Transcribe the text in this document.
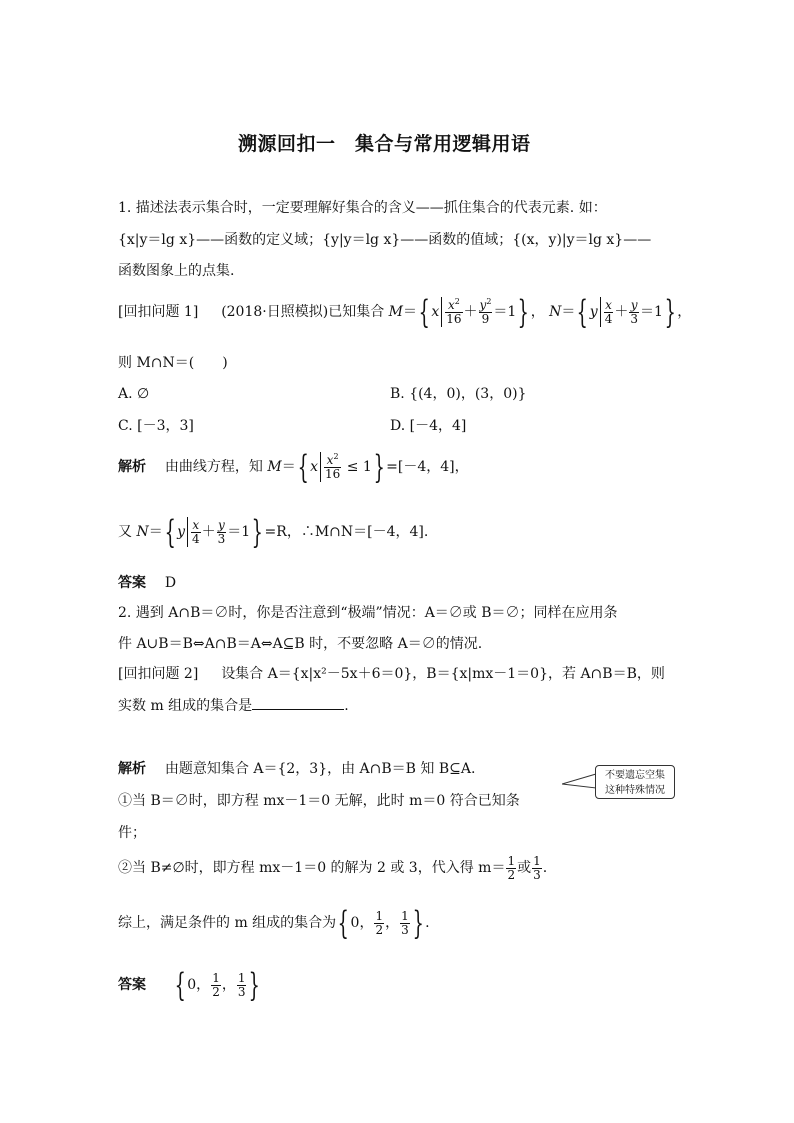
溯源回扣一　集合与常用逻辑用语
1. 描述法表示集合时，一定要理解好集合的含义——抓住集合的代表元素. 如：
{x|y＝lg x}——函数的定义域；{y|y＝lg x}——函数的值域；{(x，y)|y＝lg x}——
函数图象上的点集.
[回扣问题 1] (2018·日照模拟)已知集合 M＝{ x $\frac{x^2}{16} + \frac{y^2}{9} =1$} ， N＝{ y $\frac{x}{4} + \frac{y}{3} =1$} ，
则 M∩N＝(　　)
A. ∅	B. {(4，0)，(3，0)}
C. [－3，3]	D. [－4，4]
解析 由曲线方程，知 M＝{ x $\frac{x^2}{16} \le 1\} =[-4$，4]，
又 N＝{ y $\frac{x}{4} + \frac{y}{3} =1\} =R$，∴M∩N＝[－4，4].
答案 D
2. 遇到 A∩B＝∅时，你是否注意到“极端”情况：A＝∅或 B＝∅；同样在应用条
件 A∪B＝B⇔A∩B＝A⇔A⊆B 时，不要忽略 A＝∅的情况.
[回扣问题 2] 设集合 A＝{x|x²－5x＋6＝0}，B＝{x|mx－1＝0}，若 A∩B＝B，则
实数 m 组成的集合是	.
解析 由题意知集合 A＝{2，3}，由 A∩B＝B 知 B⊆A.
①当 B＝∅时，即方程 mx－1＝0 无解，此时 m＝0 符合已知条
件；
②当 B≠∅时，即方程 mx－1＝0 的解为 2 或 3，代入得 $m= \frac{1}{2}$ 或 $\frac{1}{3}$ .
综上，满足条件的 m 组成的集合为{ 0， $\frac{1}{2}$ ， $\frac{1}{3}$ } .
不要遗忘空集
这种特殊情况
答案 { 0， $\frac{1}{2}$ ， $\frac{1}{3}$ }
